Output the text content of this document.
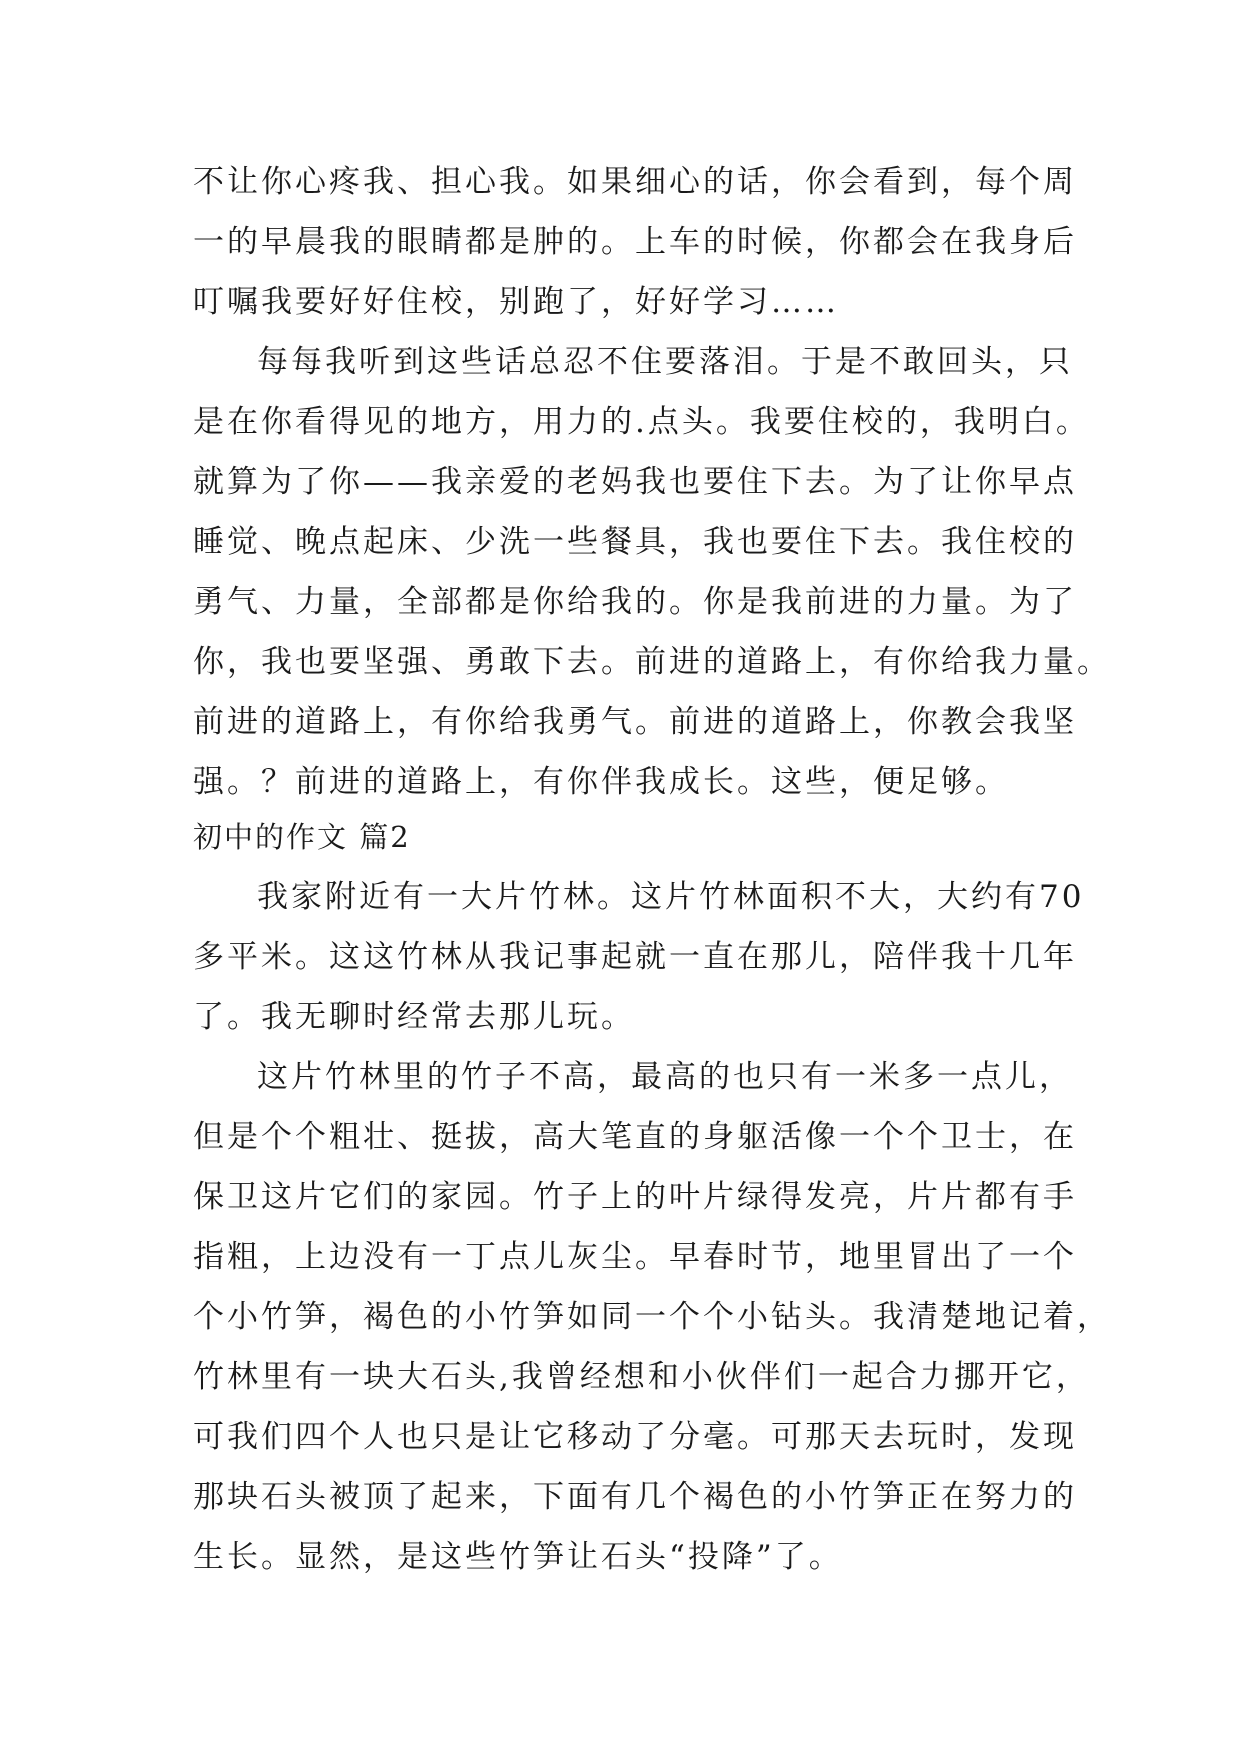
不让你心疼我、担心我。如果细心的话，你会看到，每个周
一的早晨我的眼睛都是肿的。上车的时候，你都会在我身后
叮嘱我要好好住校，别跑了，好好学习……
每每我听到这些话总忍不住要落泪。于是不敢回头，只
是在你看得见的地方，用力的.点头。我要住校的，我明白。
就算为了你——我亲爱的老妈我也要住下去。为了让你早点
睡觉、晚点起床、少洗一些餐具，我也要住下去。我住校的
勇气、力量，全部都是你给我的。你是我前进的力量。为了
你，我也要坚强、勇敢下去。前进的道路上，有你给我力量。
前进的道路上，有你给我勇气。前进的道路上，你教会我坚
强。？前进的道路上，有你伴我成长。这些，便足够。
初中的作文 篇2
我家附近有一大片竹林。这片竹林面积不大，大约有70
多平米。这这竹林从我记事起就一直在那儿，陪伴我十几年
了。我无聊时经常去那儿玩。
这片竹林里的竹子不高，最高的也只有一米多一点儿，
但是个个粗壮、挺拔，高大笔直的身躯活像一个个卫士，在
保卫这片它们的家园。竹子上的叶片绿得发亮，片片都有手
指粗，上边没有一丁点儿灰尘。早春时节，地里冒出了一个
个小竹笋，褐色的小竹笋如同一个个小钻头。我清楚地记着，
竹林里有一块大石头,我曾经想和小伙伴们一起合力挪开它，
可我们四个人也只是让它移动了分毫。可那天去玩时，发现
那块石头被顶了起来，下面有几个褐色的小竹笋正在努力的
生长。显然，是这些竹笋让石头“投降”了。
